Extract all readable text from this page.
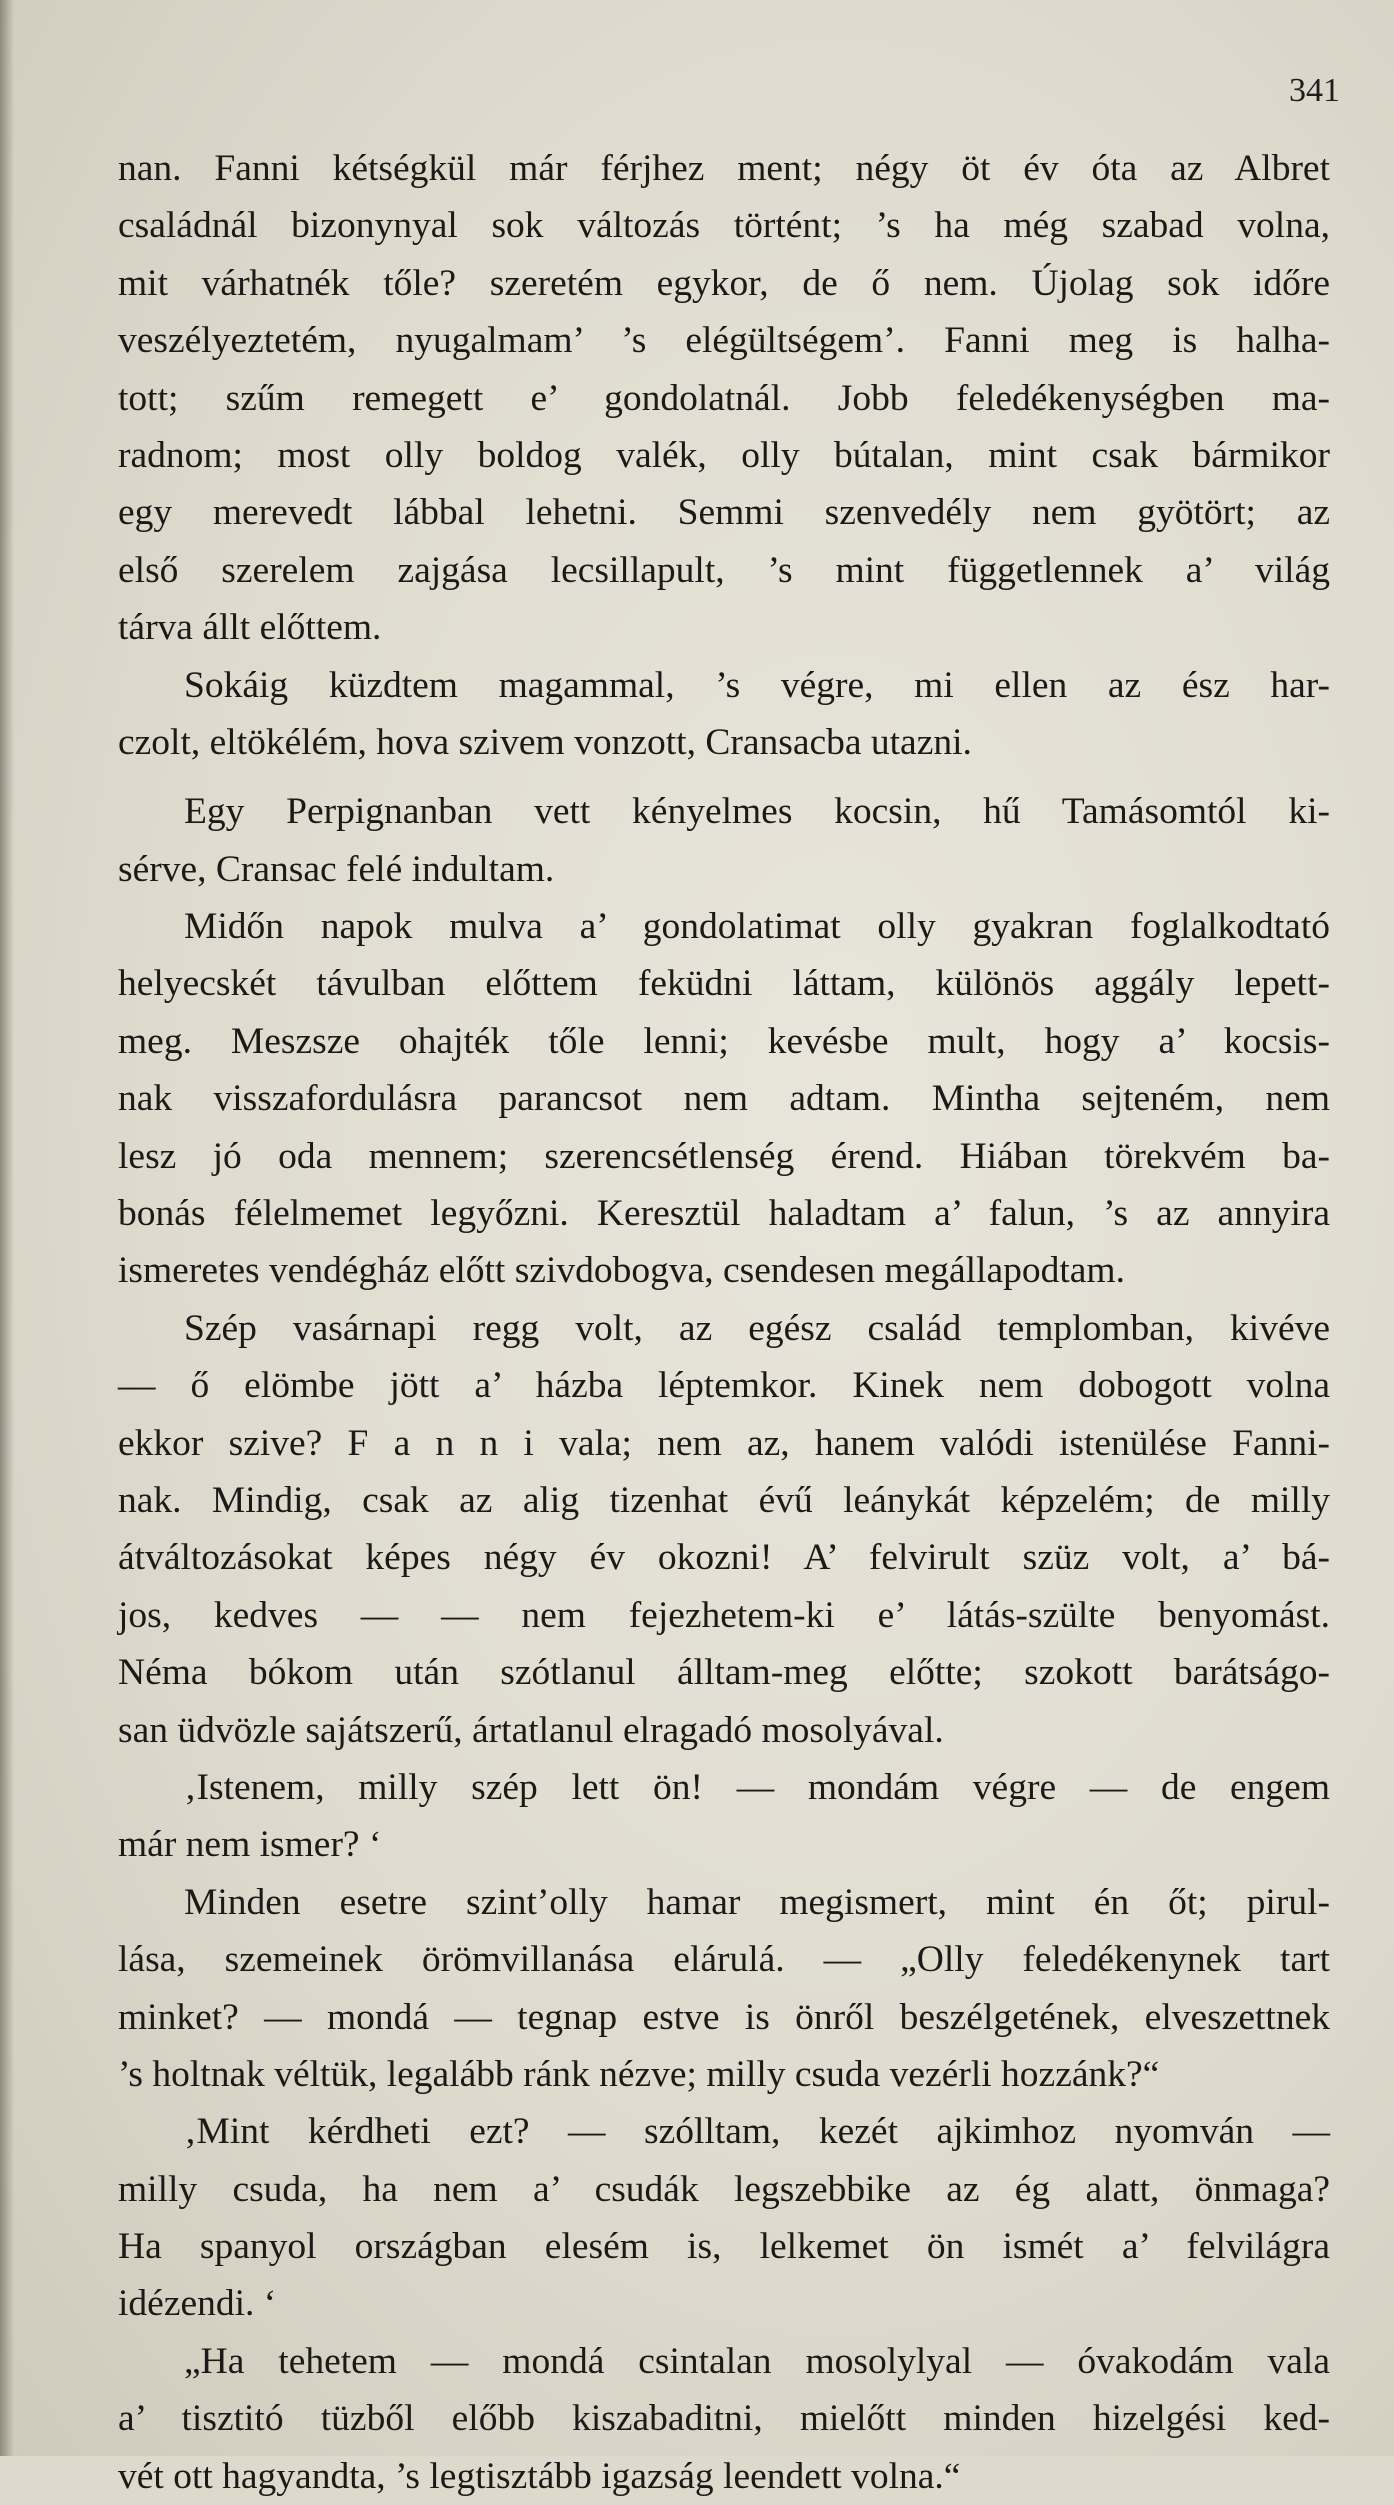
341
nan. Fanni kétségkül már férjhez ment; négy öt év óta az Albret
családnál bizonynyal sok változás történt; ’s ha még szabad volna,
mit várhatnék tőle? szeretém egykor, de ő nem. Újolag sok időre
veszélyeztetém, nyugalmam’ ’s elégültségem’. Fanni meg is halha-
tott; szűm remegett e’ gondolatnál. Jobb feledékenységben ma-
radnom; most olly boldog valék, olly bútalan, mint csak bármikor
egy merevedt lábbal lehetni. Semmi szenvedély nem gyötört; az
első szerelem zajgása lecsillapult, ’s mint függetlennek a’ világ
tárva állt előttem.
Sokáig küzdtem magammal, ’s végre, mi ellen az ész har-
czolt, eltökélém, hova szivem vonzott, Cransacba utazni.
Egy Perpignanban vett kényelmes kocsin, hű Tamásomtól ki-
sérve, Cransac felé indultam.
Midőn napok mulva a’ gondolatimat olly gyakran foglalkodtató
helyecskét távulban előttem feküdni láttam, különös aggály lepett-
meg. Meszsze ohajték tőle lenni; kevésbe mult, hogy a’ kocsis-
nak visszafordulásra parancsot nem adtam. Mintha sejteném, nem
lesz jó oda mennem; szerencsétlenség érend. Hiában törekvém ba-
bonás félelmemet legyőzni. Keresztül haladtam a’ falun, ’s az annyira
ismeretes vendégház előtt szivdobogva, csendesen megállapodtam.
Szép vasárnapi regg volt, az egész család templomban, kivéve
— ő elömbe jött a’ házba léptemkor. Kinek nem dobogott volna
ekkor szive? F a n n i vala; nem az, hanem valódi istenülése Fanni-
nak. Mindig, csak az alig tizenhat évű leánykát képzelém; de milly
átváltozásokat képes négy év okozni! A’ felvirult szüz volt, a’ bá-
jos, kedves — — nem fejezhetem-ki e’ látás-szülte benyomást.
Néma bókom után szótlanul álltam-meg előtte; szokott barátságo-
san üdvözle sajátszerű, ártatlanul elragadó mosolyával.
‚Istenem, milly szép lett ön! — mondám végre — de engem
már nem ismer? ‘
Minden esetre szint’olly hamar megismert, mint én őt; pirul-
lása, szemeinek örömvillanása elárulá. — „Olly feledékenynek tart
minket? — mondá — tegnap estve is önről beszélgetének, elveszettnek
’s holtnak véltük, legalább ránk nézve; milly csuda vezérli hozzánk?“
‚Mint kérdheti ezt? — szólltam, kezét ajkimhoz nyomván —
milly csuda, ha nem a’ csudák legszebbike az ég alatt, önmaga?
Ha spanyol országban elesém is, lelkemet ön ismét a’ felvilágra
idézendi. ‘
„Ha tehetem — mondá csintalan mosolylyal — óvakodám vala
a’ tisztitó tüzből előbb kiszabaditni, mielőtt minden hizelgési ked-
vét ott hagyandta, ’s legtisztább igazság leendett volna.“
